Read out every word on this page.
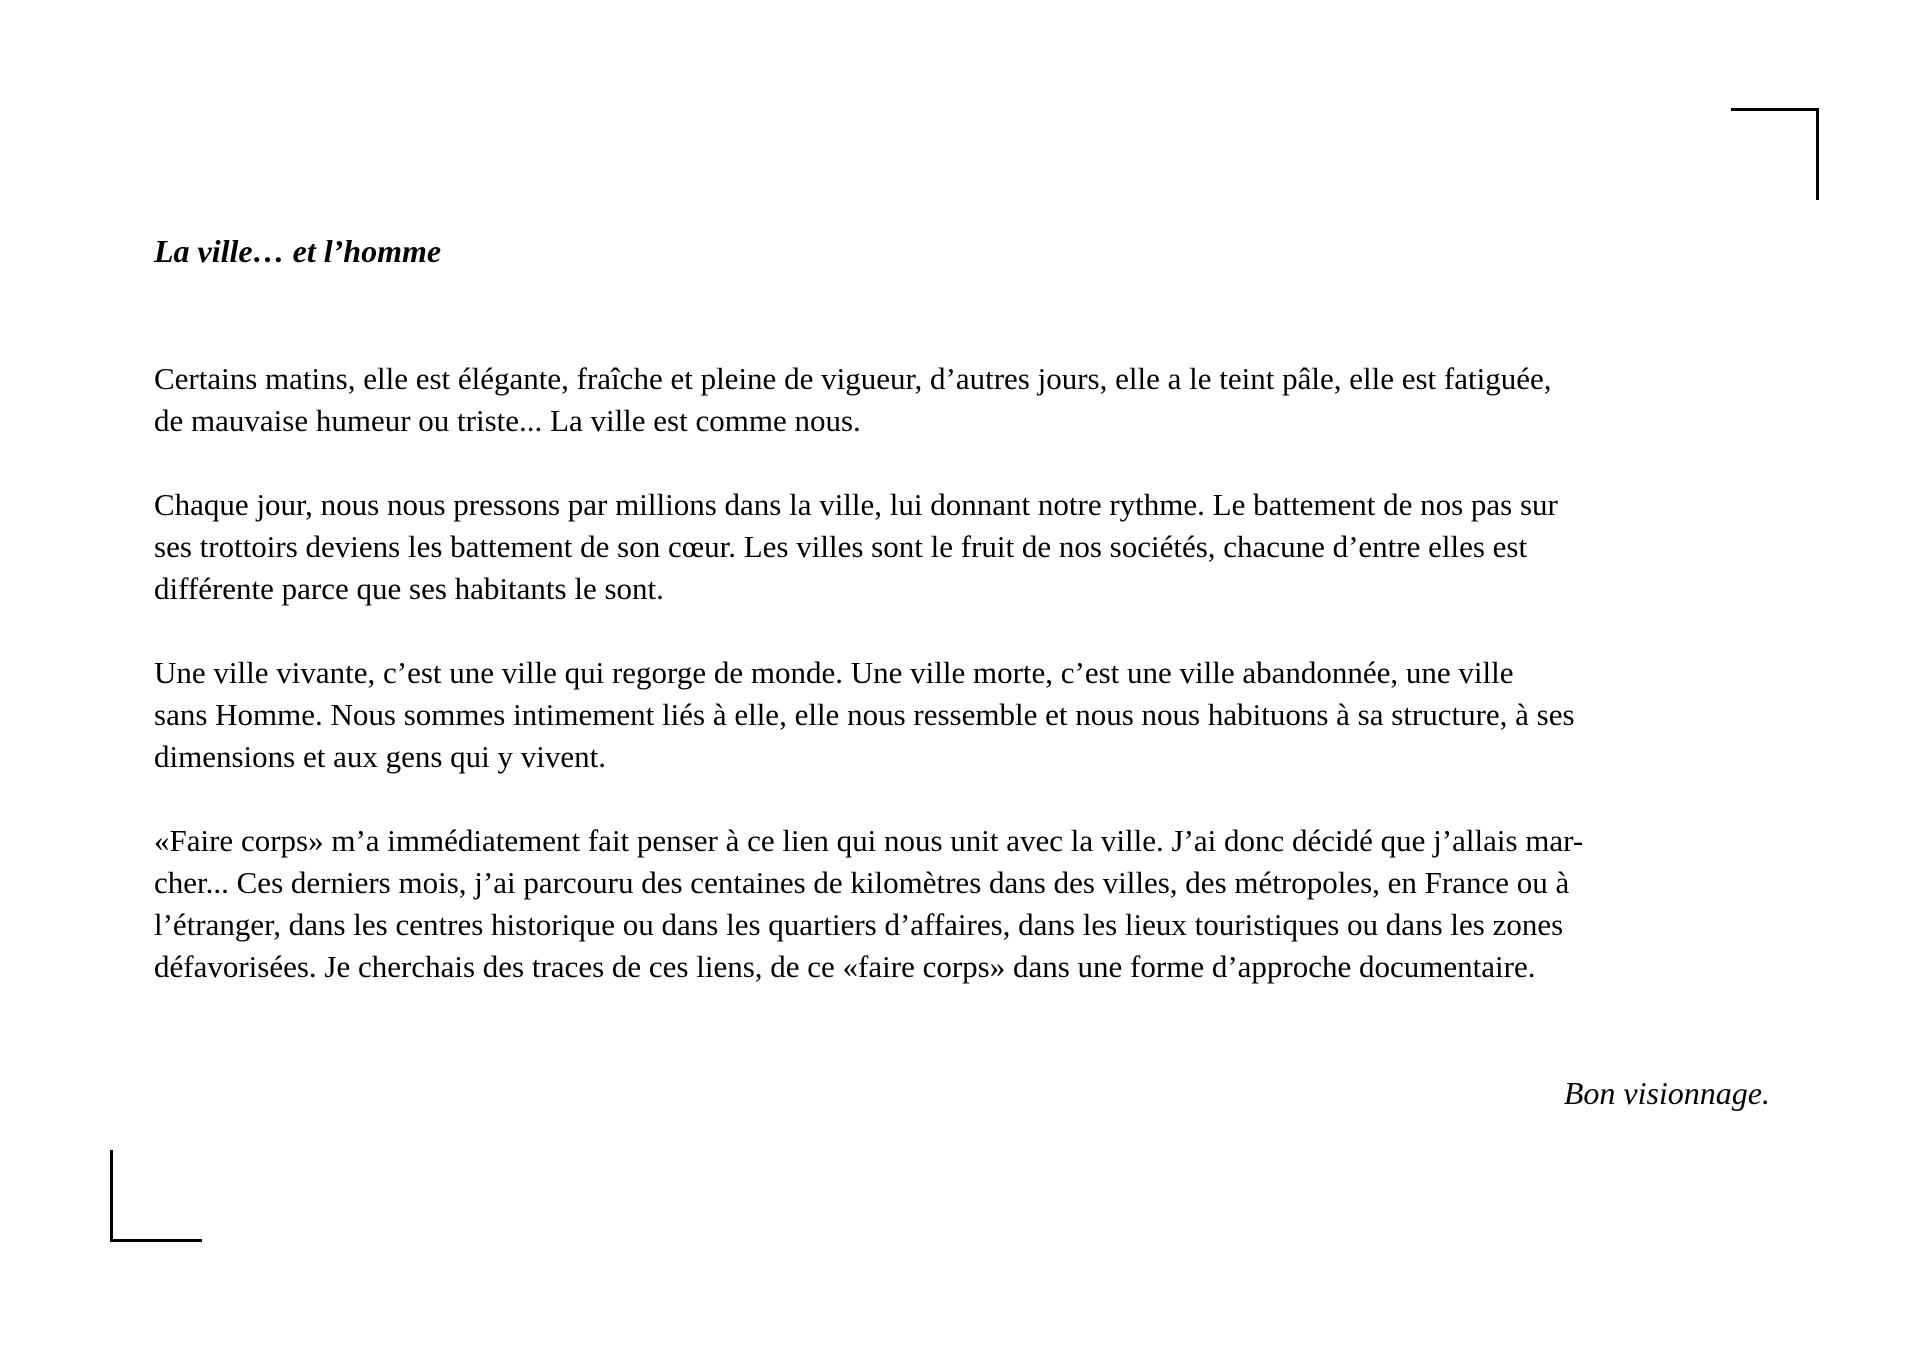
La ville… et l’homme

Certains matins, elle est élégante, fraîche et pleine de vigueur, d’autres jours, elle a le teint pâle, elle est fatiguée,
de mauvaise humeur ou triste... La ville est comme nous.

Chaque jour, nous nous pressons par millions dans la ville, lui donnant notre rythme. Le battement de nos pas sur
ses trottoirs deviens les battement de son cœur. Les villes sont le fruit de nos sociétés, chacune d’entre elles est
différente parce que ses habitants le sont.

Une ville vivante, c’est une ville qui regorge de monde. Une ville morte, c’est une ville abandonnée, une ville
sans Homme. Nous sommes intimement liés à elle, elle nous ressemble et nous nous habituons à sa structure, à ses
dimensions et aux gens qui y vivent.

«Faire corps» m’a immédiatement fait penser à ce lien qui nous unit avec la ville. J’ai donc décidé que j’allais mar-
cher... Ces derniers mois, j’ai parcouru des centaines de kilomètres dans des villes, des métropoles, en France ou à
l’étranger, dans les centres historique ou dans les quartiers d’affaires, dans les lieux touristiques ou dans les zones
défavorisées. Je cherchais des traces de ces liens, de ce «faire corps» dans une forme d’approche documentaire.

Bon visionnage.
